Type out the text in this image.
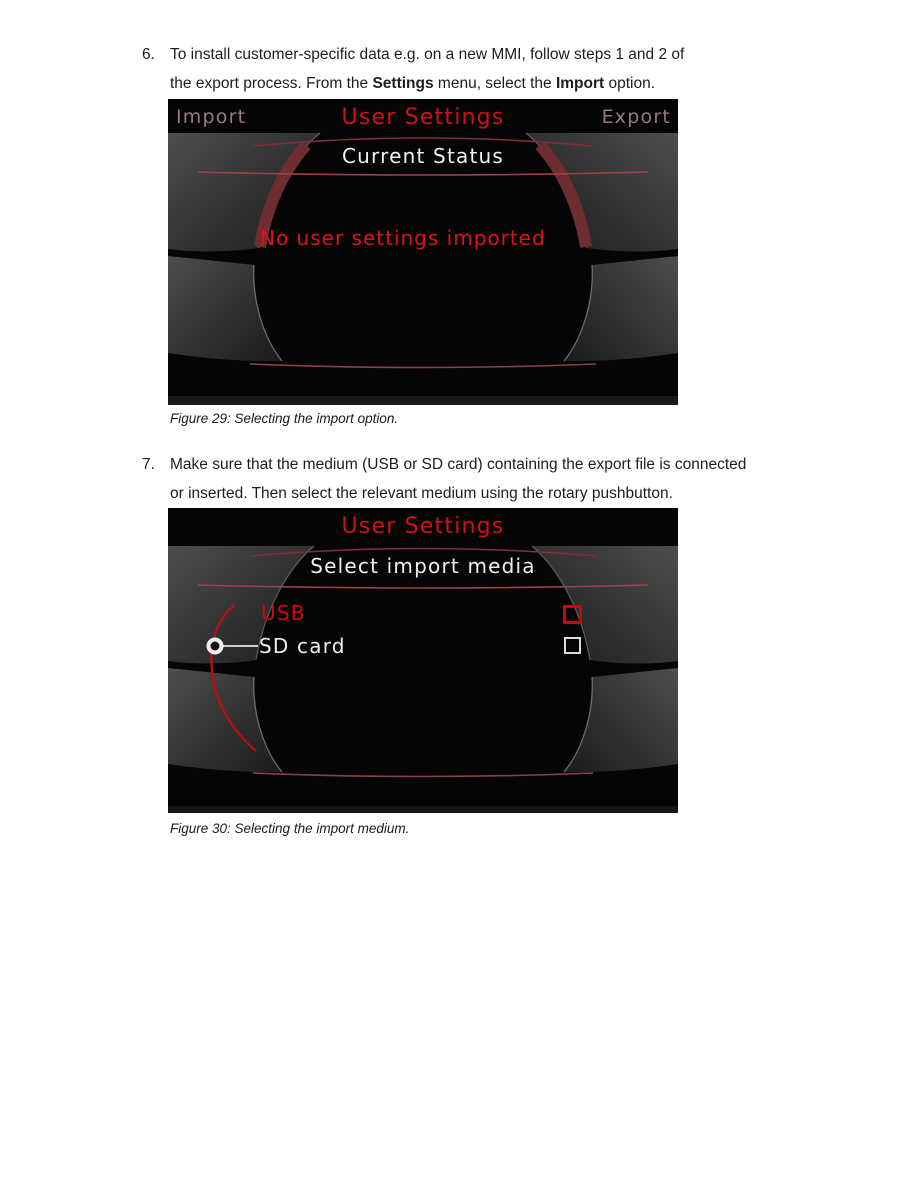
6. To install customer-specific data e.g. on a new MMI, follow steps 1 and 2 of
the export process. From the Settings menu, select the Import option.
Import	User Settings	Export
Current Status
No user settings imported
Figure 29: Selecting the import option.
7. Make sure that the medium (USB or SD card) containing the export file is connected
or inserted. Then select the relevant medium using the rotary pushbutton.
User Settings
Select import media
USB
SD card
Figure 30: Selecting the import medium.
